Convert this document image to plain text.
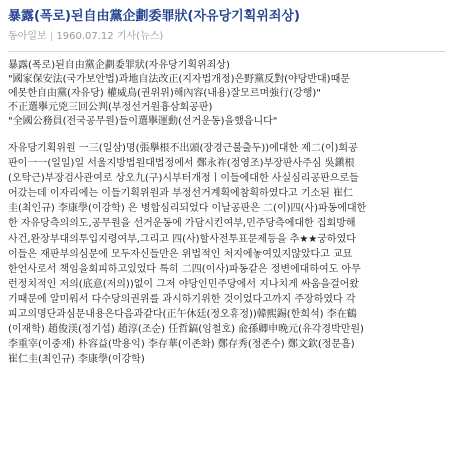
暴露(폭로)된自由黨企劃委罪狀(자유당기획위죄상)
동아일보 | 1960.07.12 기사(뉴스)
暴露(폭로)된自由黨企劃委罪狀(자유당기획위죄상)
"國家保安法(국가보안법)과地自法改正(지자법개정)은野黨反對(야당반대)때문
에못한自由黨(자유당) 權威鳥(권위위)해內容(내용)잘모르며強行(강행)"
不正選擧元兇三回公判(부정선거원흉삼회공판)
"全國公務員(전국공무원)들이選擧運動(선거운동)을했읍니다"
자유당기획위원 一三(일삼)명(張擧根不出頭(장경근불출두))에대한 제二(이)회공
판이一一(일일)일 서울지방법원대법정에서 鄭永祚(정영조)부장판사주심 吳鎭根
(오탁근)부장검사관여로 상오九(구)시부터개정ㅣ이들에대한 사실심리공판으로들
어갔는데 이자리에는 이들기획위원과 부정선거계획에참획하였다고 기소된 崔仁
圭(최인규) 李康學(이강학) 은 병합심리되었다 이날공판은 二(이)四(사)파동에대한
한 자유당측의의도,공무원을 선거운동에 가담시킨여부,민주당측에대한 집회방해
사건,완장부대의투입지령여부,그리고 四(사)할사전투표문제등을 추★★궁하였다
이들은 재판부의심문에 모두자신들만은 위법적인 처지에놓여있지않았다고 교묘
한언사로서 책임을회피하고있었다 특히 二四(이사)파동같은 정변에대하여도 아무
런정치적인 저의(底意(저의))없이 그저 야당인민주당에서 지나치게 싸움을걸어왔
기때문에 알미워서 다수당의권위를 과시하기위한 것이었다고까지 주장하였다 각
피고의명단과심문내용은다음과같다(正午休廷(정오휴정))韓熙錫(한희석) 李在鶴
(이재학) 趙俊渼(정기섭) 趙淳(조순) 任哲鎬(임철호) 兪孫卿申晚元(유각경박만원)
李重宰(이중재) 朴容益(박용익) 李存華(이존화) 鄭存秀(정존수) 鄭文欽(정문흠)
崔仁圭(최인규) 李康學(이강학)
